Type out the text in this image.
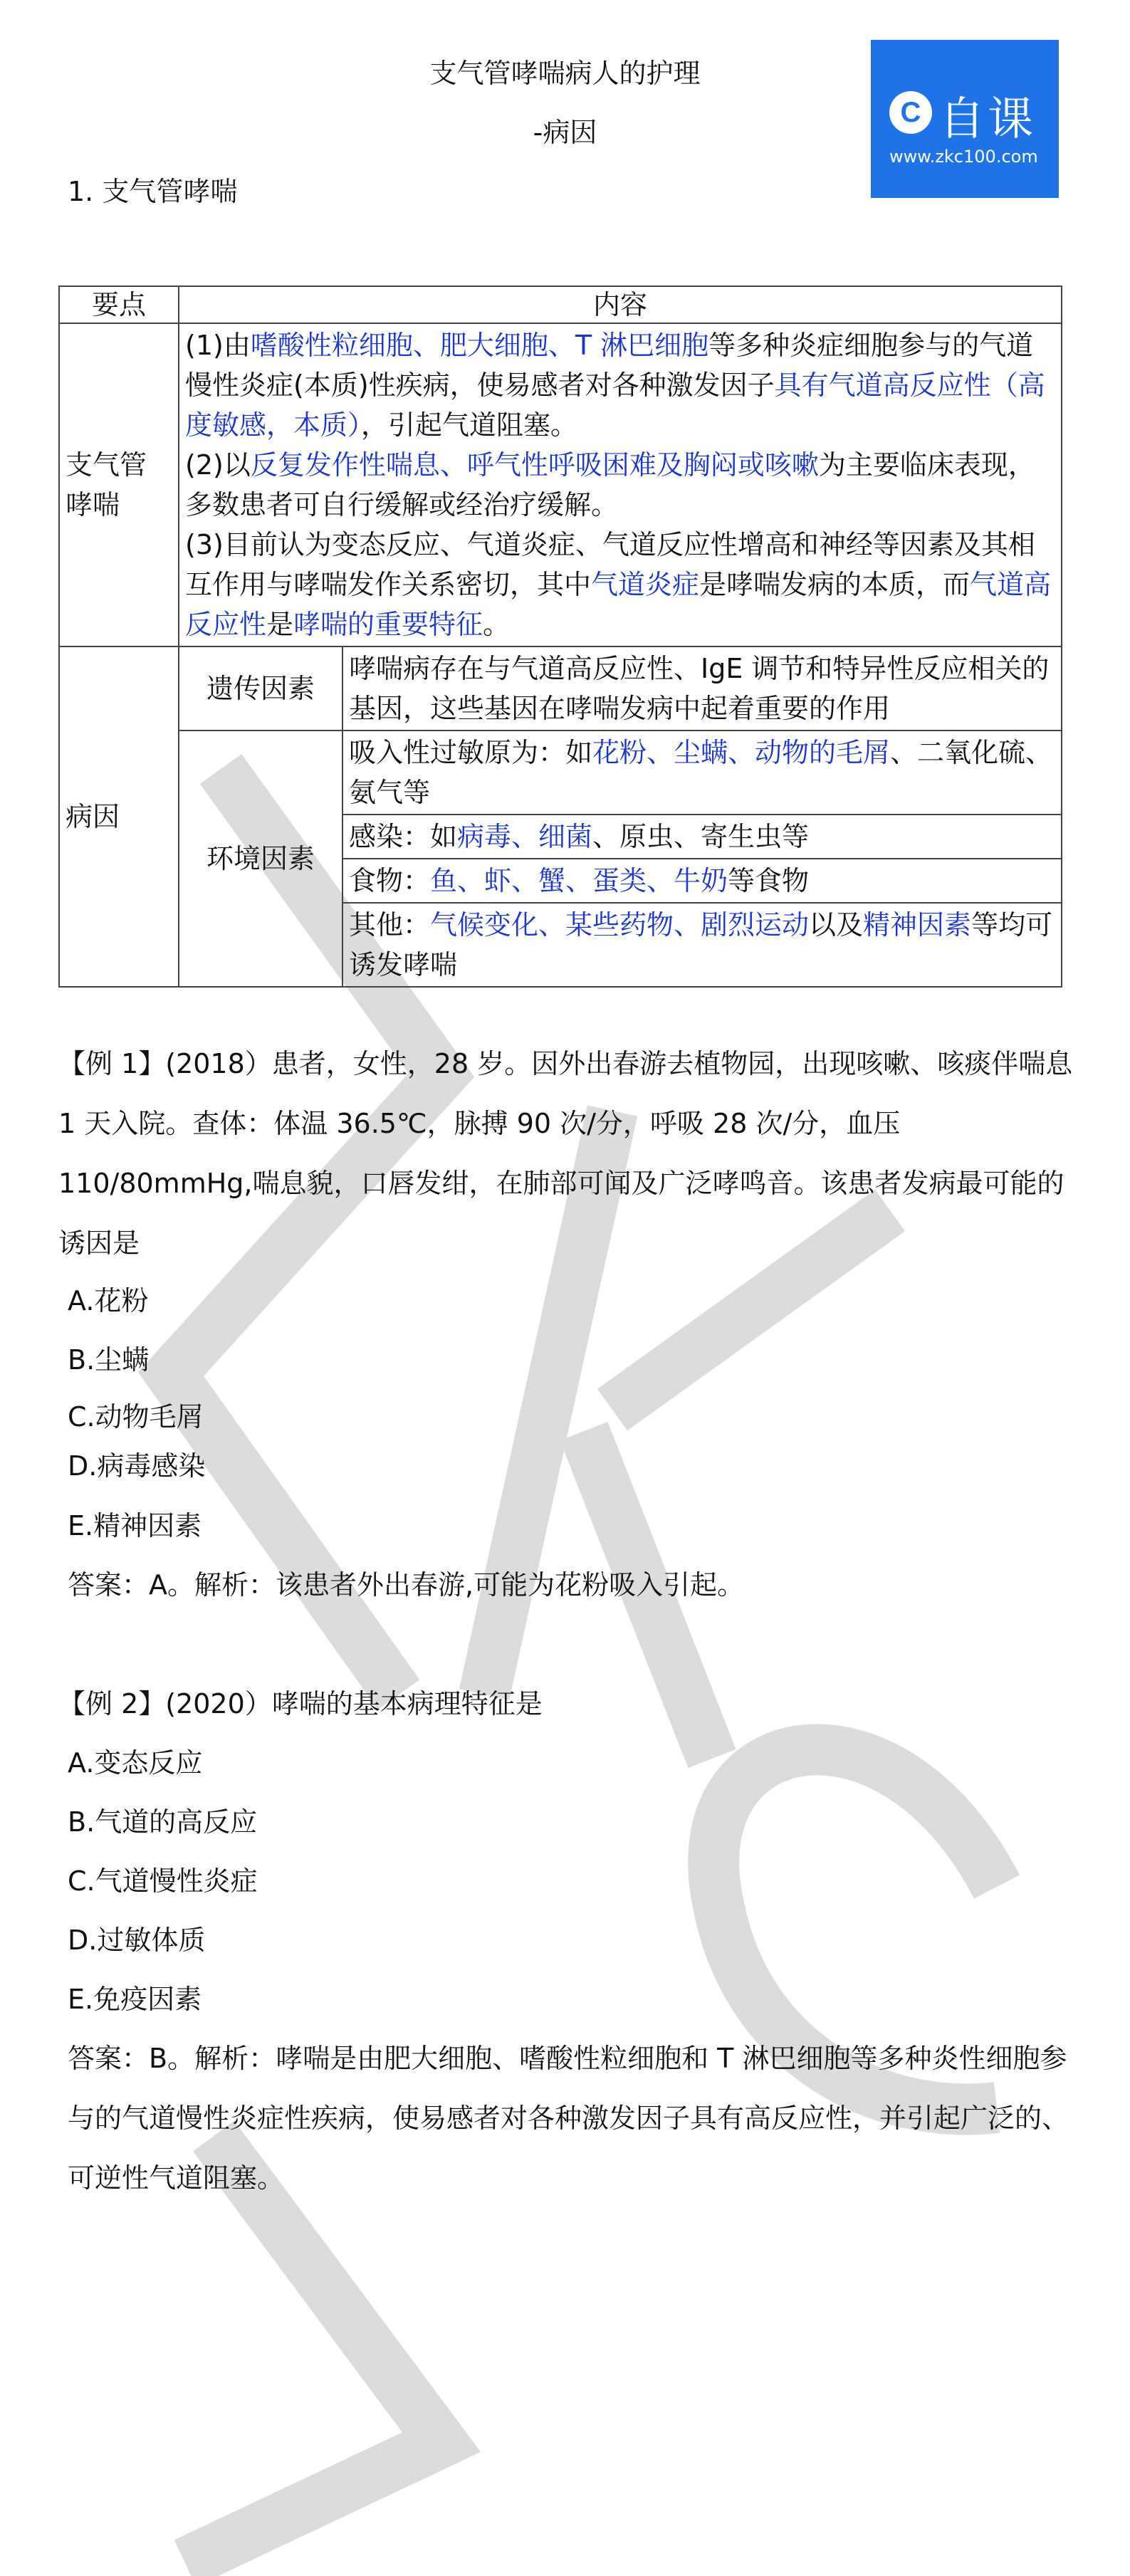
C 自课
www.zkc100.com
支气管哮喘病人的护理
-病因
1. 支气管哮喘
要点	内容	
支气管哮喘	(1)由嗜酸性粒细胞、肥大细胞、T 淋巴细胞等多种炎症细胞参与的气道慢性炎症(本质)性疾病，使易感者对各种激发因子具有气道高反应性（高度敏感，本质），引起气道阻塞。
(2)以反复发作性喘息、呼气性呼吸困难及胸闷或咳嗽为主要临床表现，多数患者可自行缓解或经治疗缓解。
(3)目前认为变态反应、气道炎症、气道反应性增高和神经等因素及其相互作用与哮喘发作关系密切，其中气道炎症是哮喘发病的本质，而气道高反应性是哮喘的重要特征。	

病因	遗传因素	哮喘病存在与气道高反应性、IgE 调节和特异性反应相关的基因，这些基因在哮喘发病中起着重要的作用
	环境因素	吸入性过敏原为：如花粉、尘螨、动物的毛屑、二氧化硫、氨气等
		感染：如病毒、细菌、原虫、寄生虫等
		食物：鱼、虾、蟹、蛋类、牛奶等食物
		其他：气候变化、某些药物、剧烈运动以及精神因素等均可诱发哮喘
【例 1】(2018）患者，女性，28 岁。因外出春游去植物园，出现咳嗽、咳痰伴喘息 1 天入院。查体：体温 36.5℃，脉搏 90 次/分，呼吸 28 次/分，血压 110/80mmHg,喘息貌，口唇发绀，在肺部可闻及广泛哮鸣音。该患者发病最可能的诱因是
A.花粉
B.尘螨
C.动物毛屑
D.病毒感染
E.精神因素
答案：A。解析：该患者外出春游,可能为花粉吸入引起。
【例 2】(2020）哮喘的基本病理特征是
A.变态反应
B.气道的高反应
C.气道慢性炎症
D.过敏体质
E.免疫因素
答案：B。解析：哮喘是由肥大细胞、嗜酸性粒细胞和 T 淋巴细胞等多种炎性细胞参与的气道慢性炎症性疾病，使易感者对各种激发因子具有高反应性，并引起广泛的、可逆性气道阻塞。
